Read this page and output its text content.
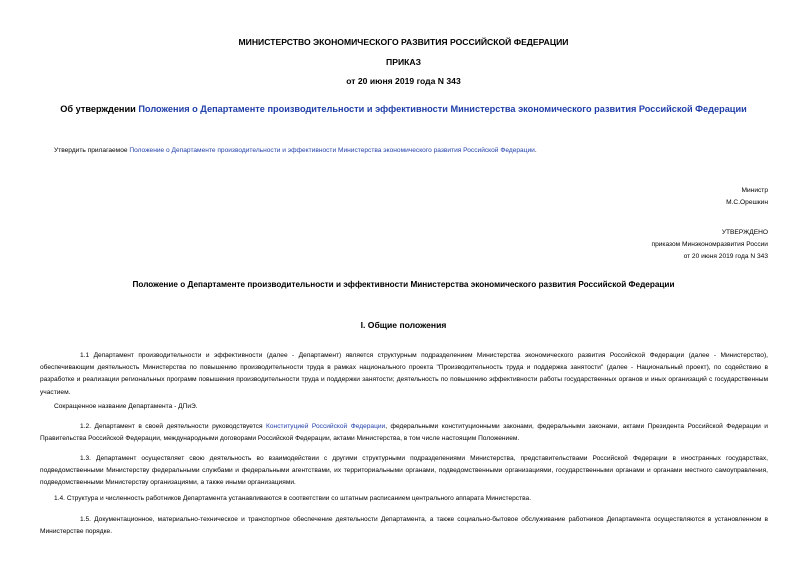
МИНИСТЕРСТВО ЭКОНОМИЧЕСКОГО РАЗВИТИЯ РОССИЙСКОЙ ФЕДЕРАЦИИ
ПРИКАЗ
от 20 июня 2019 года N 343
Об утверждении Положения о Департаменте производительности и эффективности Министерства экономического развития Российской Федерации
Утвердить прилагаемое Положение о Департаменте производительности и эффективности Министерства экономического развития Российской Федерации.
Министр
М.С.Орешкин
УТВЕРЖДЕНО
приказом Минэкономразвития России
от 20 июня 2019 года N 343
Положение о Департаменте производительности и эффективности Министерства экономического развития Российской Федерации
I. Общие положения
1.1 Департамент производительности и эффективности (далее - Департамент) является структурным подразделением Министерства экономического развития Российской Федерации (далее - Министерство), обеспечивающим деятельность Министерства по повышению производительности труда в рамках национального проекта "Производительность труда и поддержка занятости" (далее - Национальный проект), по содействию в разработке и реализации региональных программ повышения производительности труда и поддержки занятости; деятельность по повышению эффективности работы государственных органов и иных организаций с государственным участием.
Сокращенное название Департамента - ДПиЭ.
1.2. Департамент в своей деятельности руководствуется Конституцией Российской Федерации, федеральными конституционными законами, федеральными законами, актами Президента Российской Федерации и Правительства Российской Федерации, международными договорами Российской Федерации, актами Министерства, в том числе настоящим Положением.
1.3. Департамент осуществляет свою деятельность во взаимодействии с другими структурными подразделениями Министерства, представительствами Российской Федерации в иностранных государствах, подведомственными Министерству федеральными службами и федеральными агентствами, их территориальными органами, подведомственными организациями, государственными органами и органами местного самоуправления, подведомственными Министерству организациями, а также иными организациями.
1.4. Структура и численность работников Департамента устанавливаются в соответствии со штатным расписанием центрального аппарата Министерства.
1.5. Документационное, материально-техническое и транспортное обеспечение деятельности Департамента, а также социально-бытовое обслуживание работников Департамента осуществляются в установленном в Министерстве порядке.
